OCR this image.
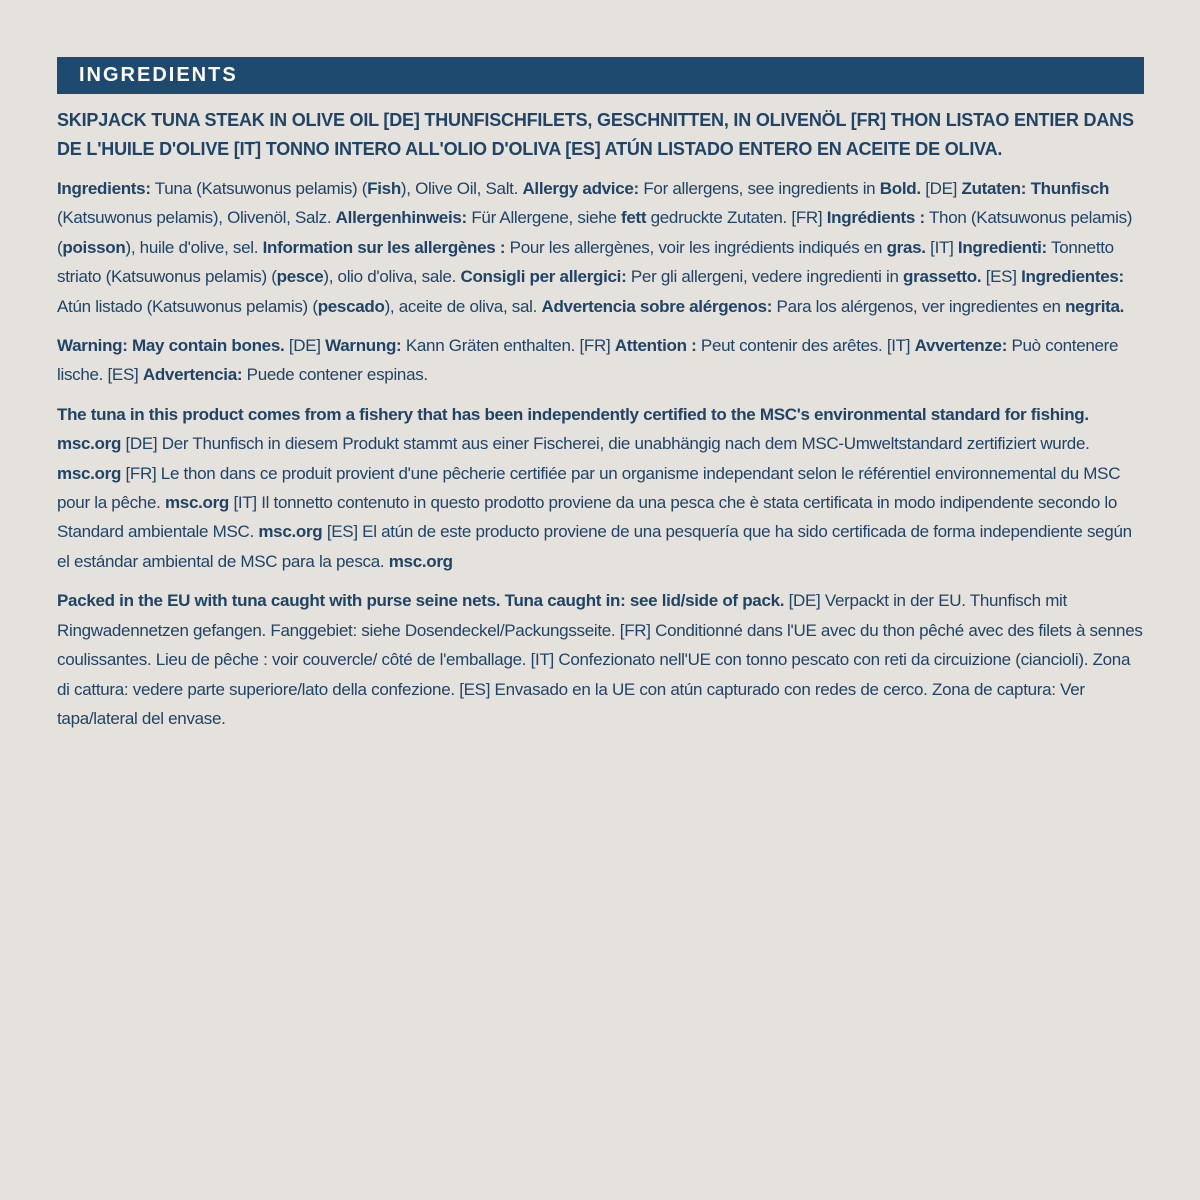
INGREDIENTS
SKIPJACK TUNA STEAK IN OLIVE OIL [DE] THUNFISCHFILETS, GESCHNITTEN, IN OLIVENÖL [FR] THON LISTAO ENTIER DANS DE L'HUILE D'OLIVE [IT] TONNO INTERO ALL'OLIO D'OLIVA [ES] ATÚN LISTADO ENTERO EN ACEITE DE OLIVA.
Ingredients: Tuna (Katsuwonus pelamis) (Fish), Olive Oil, Salt. Allergy advice: For allergens, see ingredients in Bold. [DE] Zutaten: Thunfisch (Katsuwonus pelamis), Olivenöl, Salz. Allergenhinweis: Für Allergene, siehe fett gedruckte Zutaten. [FR] Ingrédients : Thon (Katsuwonus pelamis) (poisson), huile d'olive, sel. Information sur les allergènes : Pour les allergènes, voir les ingrédients indiqués en gras. [IT] Ingredienti: Tonnetto striato (Katsuwonus pelamis) (pesce), olio d'oliva, sale. Consigli per allergici: Per gli allergeni, vedere ingredienti in grassetto. [ES] Ingredientes: Atún listado (Katsuwonus pelamis) (pescado), aceite de oliva, sal. Advertencia sobre alérgenos: Para los alérgenos, ver ingredientes en negrita.
Warning: May contain bones. [DE] Warnung: Kann Gräten enthalten. [FR] Attention : Peut contenir des arêtes. [IT] Avvertenze: Può contenere lische. [ES] Advertencia: Puede contener espinas.
The tuna in this product comes from a fishery that has been independently certified to the MSC's environmental standard for fishing. msc.org [DE] Der Thunfisch in diesem Produkt stammt aus einer Fischerei, die unabhängig nach dem MSC-Umweltstandard zertifiziert wurde. msc.org [FR] Le thon dans ce produit provient d'une pêcherie certifiée par un organisme independant selon le référentiel environnemental du MSC pour la pêche. msc.org [IT] Il tonnetto contenuto in questo prodotto proviene da una pesca che è stata certificata in modo indipendente secondo lo Standard ambientale MSC. msc.org [ES] El atún de este producto proviene de una pesquería que ha sido certificada de forma independiente según el estándar ambiental de MSC para la pesca. msc.org
Packed in the EU with tuna caught with purse seine nets. Tuna caught in: see lid/side of pack. [DE] Verpackt in der EU. Thunfisch mit Ringwadennetzen gefangen. Fanggebiet: siehe Dosendeckel/Packungsseite. [FR] Conditionné dans l'UE avec du thon pêché avec des filets à sennes coulissantes. Lieu de pêche : voir couvercle/ côté de l'emballage. [IT] Confezionato nell'UE con tonno pescato con reti da circuizione (ciancioli). Zona di cattura: vedere parte superiore/lato della confezione. [ES] Envasado en la UE con atún capturado con redes de cerco. Zona de captura: Ver tapa/lateral del envase.
